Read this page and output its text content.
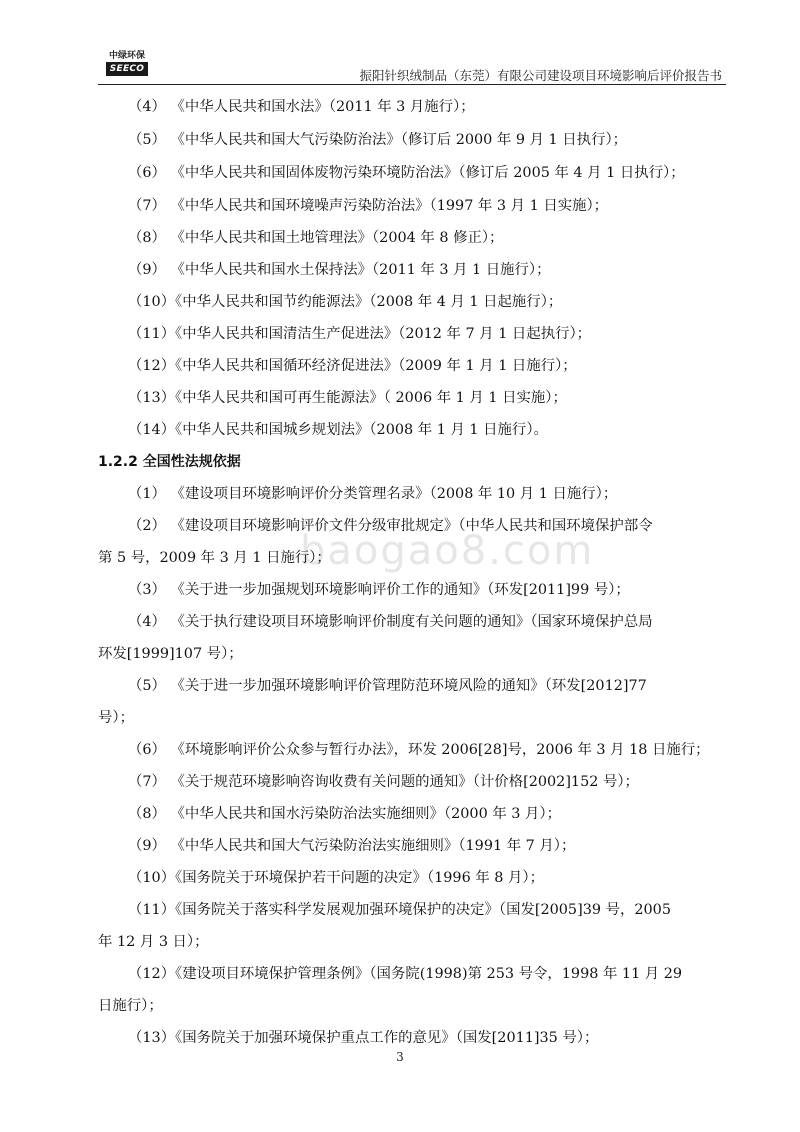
中绿环保
SEECO	振阳针织绒制品（东莞）有限公司建设项目环境影响后评价报告书
baogao8.com
（4） 《中华人民共和国水法》（2011 年 3 月施行）；
（5） 《中华人民共和国大气污染防治法》（修订后 2000 年 9 月 1 日执行）；
（6） 《中华人民共和国固体废物污染环境防治法》（修订后 2005 年 4 月 1 日执行）；
（7） 《中华人民共和国环境噪声污染防治法》（1997 年 3 月 1 日实施）；
（8） 《中华人民共和国土地管理法》（2004 年 8 修正）；
（9） 《中华人民共和国水土保持法》（2011 年 3 月 1 日施行）；
（10）《中华人民共和国节约能源法》（2008 年 4 月 1 日起施行）；
（11）《中华人民共和国清洁生产促进法》（2012 年 7 月 1 日起执行）；
（12）《中华人民共和国循环经济促进法》（2009 年 1 月 1 日施行）；
（13）《中华人民共和国可再生能源法》（ 2006 年 1 月 1 日实施）；
（14）《中华人民共和国城乡规划法》（2008 年 1 月 1 日施行）。
1.2.2 全国性法规依据
（1） 《建设项目环境影响评价分类管理名录》（2008 年 10 月 1 日施行）；
（2） 《建设项目环境影响评价文件分级审批规定》（中华人民共和国环境保护部令
第 5 号，2009 年 3 月 1 日施行）；
（3） 《关于进一步加强规划环境影响评价工作的通知》（环发[2011]99 号）；
（4） 《关于执行建设项目环境影响评价制度有关问题的通知》（国家环境保护总局
环发[1999]107 号）；
（5） 《关于进一步加强环境影响评价管理防范环境风险的通知》（环发[2012]77
号）；
（6） 《环境影响评价公众参与暂行办法》，环发 2006[28]号，2006 年 3 月 18 日施行；
（7） 《关于规范环境影响咨询收费有关问题的通知》（计价格[2002]152 号）；
（8） 《中华人民共和国水污染防治法实施细则》（2000 年 3 月）；
（9） 《中华人民共和国大气污染防治法实施细则》（1991 年 7 月）；
（10）《国务院关于环境保护若干问题的决定》（1996 年 8 月）；
（11）《国务院关于落实科学发展观加强环境保护的决定》（国发[2005]39 号，2005
年 12 月 3 日）；
（12）《建设项目环境保护管理条例》（国务院(1998)第 253 号令，1998 年 11 月 29
日施行）；
（13）《国务院关于加强环境保护重点工作的意见》（国发[2011]35 号）；
3
